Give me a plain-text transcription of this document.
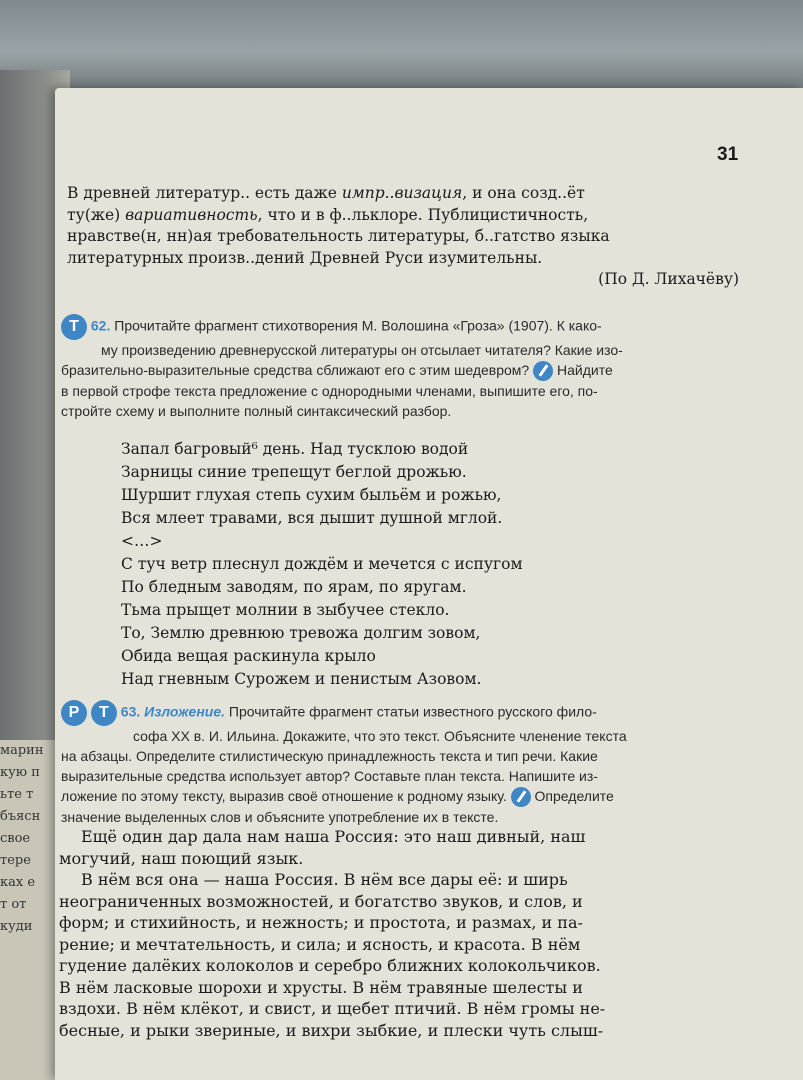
марин
кую п
ьте т
бъясн
свое
тере
ках е
т от
куди
31
В древней литератур.. есть даже импр..визация, и она созд..ёт
ту(же) вариативность, что и в ф..льклоре. Публицистичность,
нравстве(н, нн)ая требовательность литературы, б..гатство языка
литературных произв..дений Древней Руси изумительны.
(По Д. Лихачёву)
Т 62. Прочитайте фрагмент стихотворения М. Волошина «Гроза» (1907). К како-
му произведению древнерусской литературы он отсылает читателя? Какие изо-
бразительно-выразительные средства сближают его с этим шедевром? Найдите
в первой строфе текста предложение с однородными членами, выпишите его, по-
стройте схему и выполните полный синтаксический разбор.
Запал багровый⁶ день. Над тусклою водой
Зарницы синие трепещут беглой дрожью.
Шуршит глухая степь сухим быльём и рожью,
Вся млеет травами, вся дышит душной мглой.
<…>
С туч ветр плеснул дождём и мечется с испугом
По бледным заводям, по ярам, по яругам.
Тьма прыщет молнии в зыбучее стекло.
То, Землю древнюю тревожа долгим зовом,
Обида вещая раскинула крыло
Над гневным Сурожем и пенистым Азовом.
Р Т 63. Изложение. Прочитайте фрагмент статьи известного русского фило-
софа XX в. И. Ильина. Докажите, что это текст. Объясните членение текста
на абзацы. Определите стилистическую принадлежность текста и тип речи. Какие
выразительные средства использует автор? Составьте план текста. Напишите из-
ложение по этому тексту, выразив своё отношение к родному языку. Определите
значение выделенных слов и объясните употребление их в тексте.
Ещё один дар дала нам наша Россия: это наш дивный, наш
могучий, наш поющий язык.
В нём вся она — наша Россия. В нём все дары её: и ширь
неограниченных возможностей, и богатство звуков, и слов, и
форм; и стихийность, и нежность; и простота, и размах, и па-
рение; и мечтательность, и сила; и ясность, и красота. В нём
гудение далёких колоколов и серебро ближних колокольчиков.
В нём ласковые шорохи и хрусты. В нём травяные шелесты и
вздохи. В нём клёкот, и свист, и щебет птичий. В нём громы не-
бесные, и рыки звериные, и вихри зыбкие, и плески чуть слыш-
